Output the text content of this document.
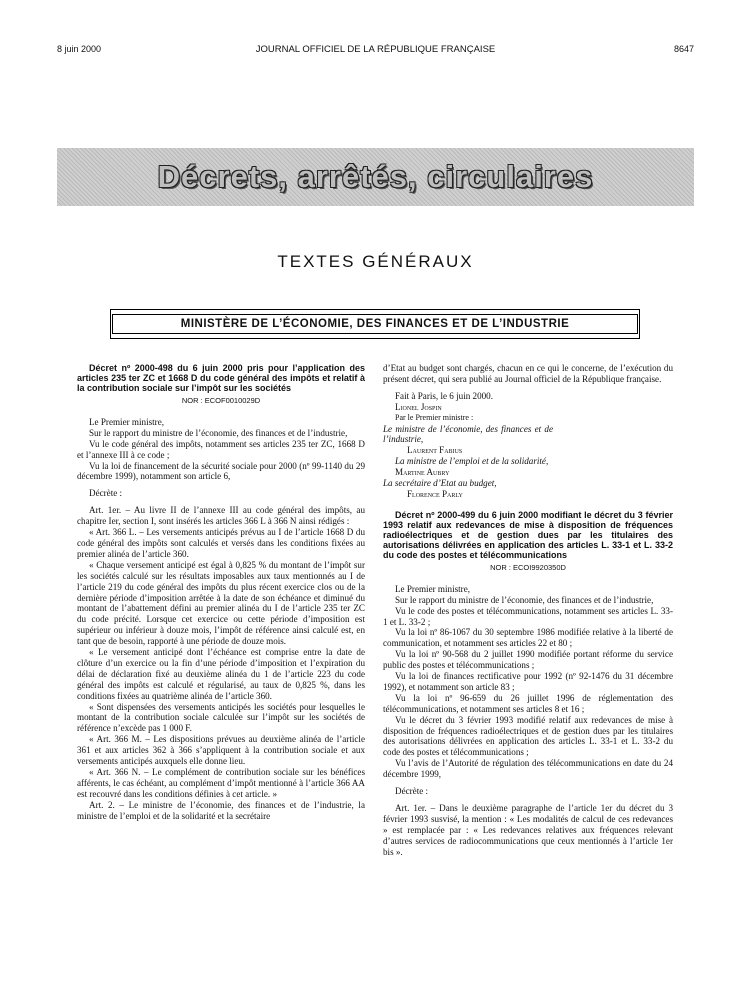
8 juin 2000	JOURNAL OFFICIEL DE LA RÉPUBLIQUE FRANÇAISE	8647
Décrets, arrêtés, circulaires
TEXTES GÉNÉRAUX
MINISTÈRE DE L’ÉCONOMIE, DES FINANCES ET DE L’INDUSTRIE

Décret nº 2000-498 du 6 juin 2000 pris pour l’application des articles 235 ter ZC et 1668 D du code général des impôts et relatif à la contribution sociale sur l’impôt sur les sociétés

NOR : ECOF0010029D

Le Premier ministre,

Sur le rapport du ministre de l’économie, des finances et de l’industrie,

Vu le code général des impôts, notamment ses articles 235 ter ZC, 1668 D et l’annexe III à ce code ;

Vu la loi de financement de la sécurité sociale pour 2000 (nº 99-1140 du 29 décembre 1999), notamment son article 6,

Décrète :

Art. 1er. – Au livre II de l’annexe III au code général des impôts, au chapitre Ier, section I, sont insérés les articles 366 L à 366 N ainsi rédigés :

« Art. 366 L. – Les versements anticipés prévus au I de l’article 1668 D du code général des impôts sont calculés et versés dans les conditions fixées au premier alinéa de l’article 360.

« Chaque versement anticipé est égal à 0,825 % du montant de l’impôt sur les sociétés calculé sur les résultats imposables aux taux mentionnés au I de l’article 219 du code général des impôts du plus récent exercice clos ou de la dernière période d’imposition arrêtée à la date de son échéance et diminué du montant de l’abattement défini au premier alinéa du I de l’article 235 ter ZC du code précité. Lorsque cet exercice ou cette période d’imposition est supérieur ou inférieur à douze mois, l’impôt de référence ainsi calculé est, en tant que de besoin, rapporté à une période de douze mois.

« Le versement anticipé dont l’échéance est comprise entre la date de clôture d’un exercice ou la fin d’une période d’imposition et l’expiration du délai de déclaration fixé au deuxième alinéa du 1 de l’article 223 du code général des impôts est calculé et régularisé, au taux de 0,825 %, dans les conditions fixées au quatrième alinéa de l’article 360.

« Sont dispensées des versements anticipés les sociétés pour lesquelles le montant de la contribution sociale calculée sur l’impôt sur les sociétés de référence n’excède pas 1 000 F.

« Art. 366 M. – Les dispositions prévues au deuxième alinéa de l’article 361 et aux articles 362 à 366 s’appliquent à la contribution sociale et aux versements anticipés auxquels elle donne lieu.

« Art. 366 N. – Le complément de contribution sociale sur les bénéfices afférents, le cas échéant, au complément d’impôt mentionné à l’article 366 AA est recouvré dans les conditions définies à cet article. »

Art. 2. – Le ministre de l’économie, des finances et de l’industrie, la ministre de l’emploi et de la solidarité et la secrétaire

d’Etat au budget sont chargés, chacun en ce qui le concerne, de l’exécution du présent décret, qui sera publié au Journal officiel de la République française.

Fait à Paris, le 6 juin 2000.

Lionel Jospin

Par le Premier ministre :

Le ministre de l’économie, des finances et de l’industrie,

Laurent Fabius

La ministre de l’emploi et de la solidarité,

Martine Aubry

La secrétaire d’Etat au budget,

Florence Parly

Décret nº 2000-499 du 6 juin 2000 modifiant le décret du 3 février 1993 relatif aux redevances de mise à disposition de fréquences radioélectriques et de gestion dues par les titulaires des autorisations délivrées en application des articles L. 33-1 et L. 33-2 du code des postes et télécommunications

NOR : ECOI9920350D

Le Premier ministre,

Sur le rapport du ministre de l’économie, des finances et de l’industrie,

Vu le code des postes et télécommunications, notamment ses articles L. 33-1 et L. 33-2 ;

Vu la loi nº 86-1067 du 30 septembre 1986 modifiée relative à la liberté de communication, et notamment ses articles 22 et 80 ;

Vu la loi nº 90-568 du 2 juillet 1990 modifiée portant réforme du service public des postes et télécommunications ;

Vu la loi de finances rectificative pour 1992 (nº 92-1476 du 31 décembre 1992), et notamment son article 83 ;

Vu la loi nº 96-659 du 26 juillet 1996 de réglementation des télécommunications, et notamment ses articles 8 et 16 ;

Vu le décret du 3 février 1993 modifié relatif aux redevances de mise à disposition de fréquences radioélectriques et de gestion dues par les titulaires des autorisations délivrées en application des articles L. 33-1 et L. 33-2 du code des postes et télécommunications ;

Vu l’avis de l’Autorité de régulation des télécommunications en date du 24 décembre 1999,

Décrète :

Art. 1er. – Dans le deuxième paragraphe de l’article 1er du décret du 3 février 1993 susvisé, la mention : « Les modalités de calcul de ces redevances » est remplacée par : « Les redevances relatives aux fréquences relevant d’autres services de radiocommunications que ceux mentionnés à l’article 1er bis ».
